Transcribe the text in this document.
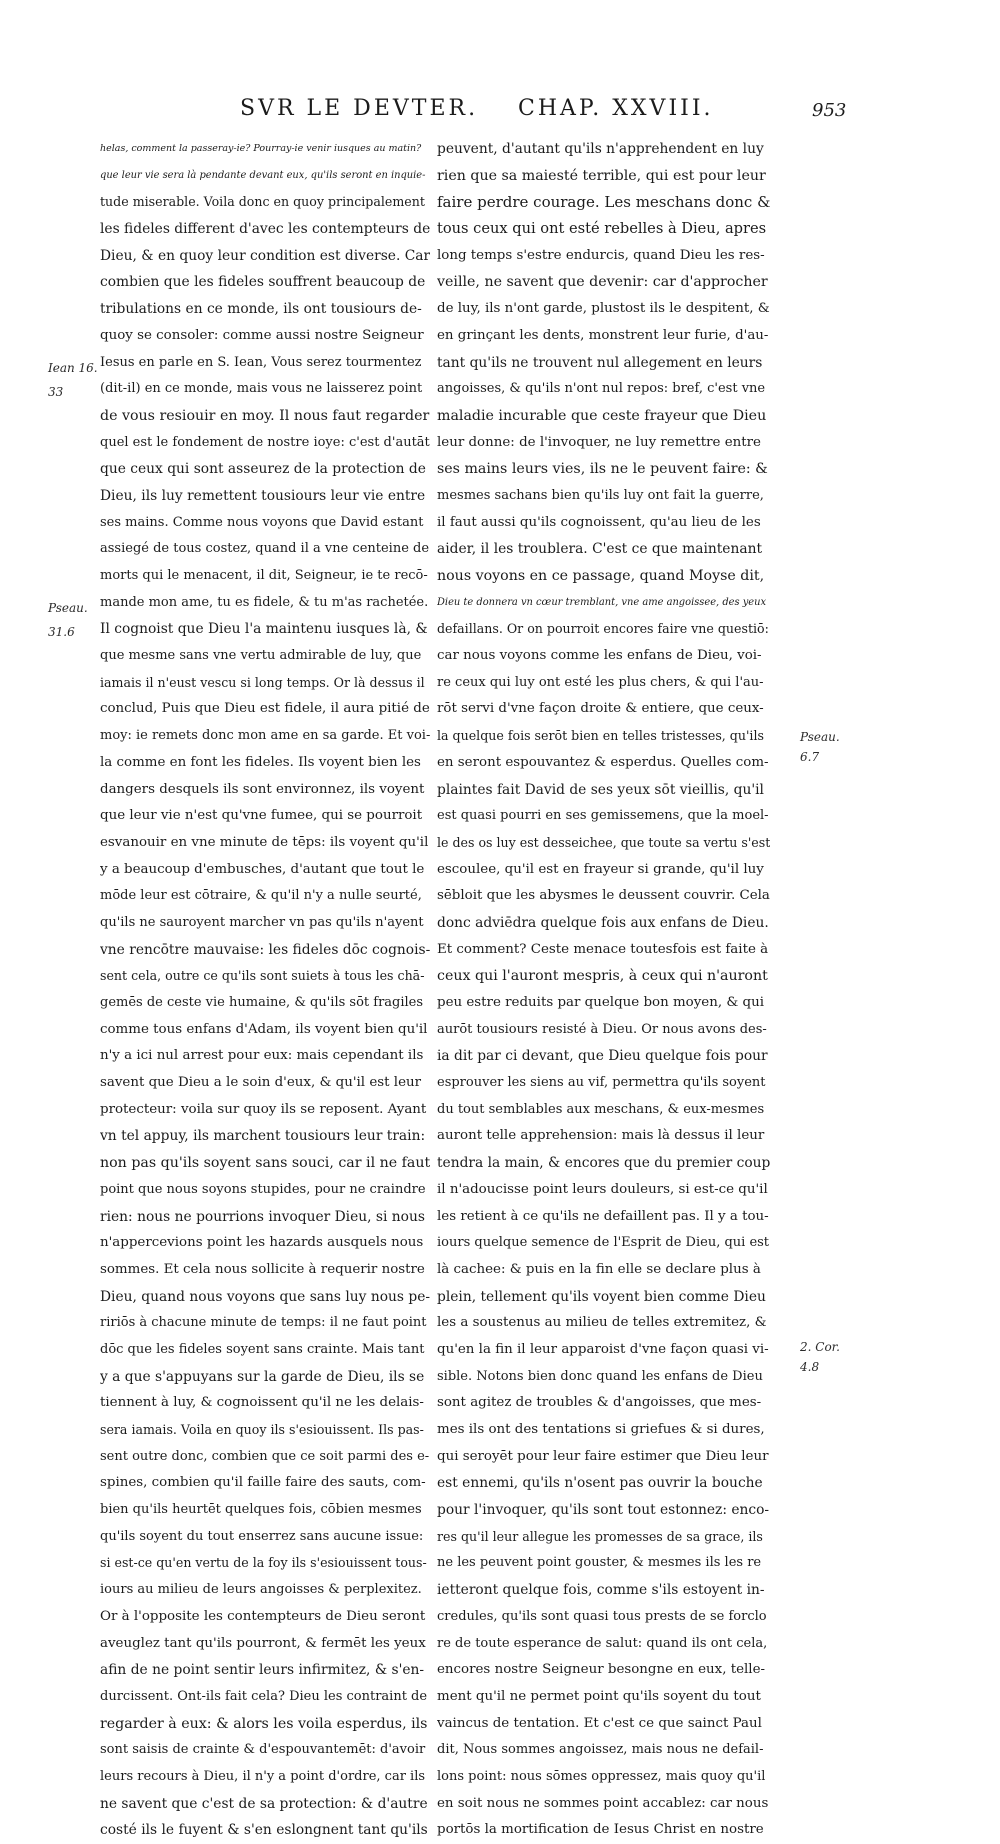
SVR LE DEVTER. CHAP. XXVIII.	953
helas, comment la passeray-ie? Pourray-ie venir iusques au matin?
que leur vie sera là pendante devant eux, qu'ils seront en inquie-
tude miserable. Voila donc en quoy principalement
les fideles different d'avec les contempteurs de
Dieu, & en quoy leur condition est diverse. Car
combien que les fideles souffrent beaucoup de
tribulations en ce monde, ils ont tousiours de-
quoy se consoler: comme aussi nostre Seigneur
Iesus en parle en S. Iean, Vous serez tourmentez
(dit-il) en ce monde, mais vous ne laisserez point
de vous resiouir en moy. Il nous faut regarder
quel est le fondement de nostre ioye: c'est d'autāt
que ceux qui sont asseurez de la protection de
Dieu, ils luy remettent tousiours leur vie entre
ses mains. Comme nous voyons que David estant
assiegé de tous costez, quand il a vne centeine de
morts qui le menacent, il dit, Seigneur, ie te recō-
mande mon ame, tu es fidele, & tu m'as rachetée.
Il cognoist que Dieu l'a maintenu iusques là, &
que mesme sans vne vertu admirable de luy, que
iamais il n'eust vescu si long temps. Or là dessus il
conclud, Puis que Dieu est fidele, il aura pitié de
moy: ie remets donc mon ame en sa garde. Et voi-
la comme en font les fideles. Ils voyent bien les
dangers desquels ils sont environnez, ils voyent
que leur vie n'est qu'vne fumee, qui se pourroit
esvanouir en vne minute de tēps: ils voyent qu'il
y a beaucoup d'embusches, d'autant que tout le
mōde leur est cōtraire, & qu'il n'y a nulle seurté,
qu'ils ne sauroyent marcher vn pas qu'ils n'ayent
vne rencōtre mauvaise: les fideles dōc cognois-
sent cela, outre ce qu'ils sont suiets à tous les chā-
gemēs de ceste vie humaine, & qu'ils sōt fragiles
comme tous enfans d'Adam, ils voyent bien qu'il
n'y a ici nul arrest pour eux: mais cependant ils
savent que Dieu a le soin d'eux, & qu'il est leur
protecteur: voila sur quoy ils se reposent. Ayant
vn tel appuy, ils marchent tousiours leur train:
non pas qu'ils soyent sans souci, car il ne faut
point que nous soyons stupides, pour ne craindre
rien: nous ne pourrions invoquer Dieu, si nous
n'appercevions point les hazards ausquels nous
sommes. Et cela nous sollicite à requerir nostre
Dieu, quand nous voyons que sans luy nous pe-
ririōs à chacune minute de temps: il ne faut point
dōc que les fideles soyent sans crainte. Mais tant
y a que s'appuyans sur la garde de Dieu, ils se
tiennent à luy, & cognoissent qu'il ne les delais-
sera iamais. Voila en quoy ils s'esiouissent. Ils pas-
sent outre donc, combien que ce soit parmi des e-
spines, combien qu'il faille faire des sauts, com-
bien qu'ils heurtēt quelques fois, cōbien mesmes
qu'ils soyent du tout enserrez sans aucune issue:
si est-ce qu'en vertu de la foy ils s'esiouissent tous-
iours au milieu de leurs angoisses & perplexitez.
Or à l'opposite les contempteurs de Dieu seront
aveuglez tant qu'ils pourront, & fermēt les yeux
afin de ne point sentir leurs infirmitez, & s'en-
durcissent. Ont-ils fait cela? Dieu les contraint de
regarder à eux: & alors les voila esperdus, ils
sont saisis de crainte & d'espouvantemēt: d'avoir
leurs recours à Dieu, il n'y a point d'ordre, car ils
ne savent que c'est de sa protection: & d'autre
costé ils le fuyent & s'en eslongnent tant qu'ils
peuvent, d'autant qu'ils n'apprehendent en luy
rien que sa maiesté terrible, qui est pour leur
faire perdre courage. Les meschans donc &
tous ceux qui ont esté rebelles à Dieu, apres
long temps s'estre endurcis, quand Dieu les res-
veille, ne savent que devenir: car d'approcher
de luy, ils n'ont garde, plustost ils le despitent, &
en grinçant les dents, monstrent leur furie, d'au-
tant qu'ils ne trouvent nul allegement en leurs
angoisses, & qu'ils n'ont nul repos: bref, c'est vne
maladie incurable que ceste frayeur que Dieu
leur donne: de l'invoquer, ne luy remettre entre
ses mains leurs vies, ils ne le peuvent faire: &
mesmes sachans bien qu'ils luy ont fait la guerre,
il faut aussi qu'ils cognoissent, qu'au lieu de les
aider, il les troublera. C'est ce que maintenant
nous voyons en ce passage, quand Moyse dit,
Dieu te donnera vn cœur tremblant, vne ame angoissee, des yeux
defaillans. Or on pourroit encores faire vne questiō:
car nous voyons comme les enfans de Dieu, voi-
re ceux qui luy ont esté les plus chers, & qui l'au-
rōt servi d'vne façon droite & entiere, que ceux-
la quelque fois serōt bien en telles tristesses, qu'ils
en seront espouvantez & esperdus. Quelles com-
plaintes fait David de ses yeux sōt vieillis, qu'il
est quasi pourri en ses gemissemens, que la moel-
le des os luy est desseichee, que toute sa vertu s'est
escoulee, qu'il est en frayeur si grande, qu'il luy
sēbloit que les abysmes le deussent couvrir. Cela
donc adviēdra quelque fois aux enfans de Dieu.
Et comment? Ceste menace toutesfois est faite à
ceux qui l'auront mespris, à ceux qui n'auront
peu estre reduits par quelque bon moyen, & qui
aurōt tousiours resisté à Dieu. Or nous avons des-
ia dit par ci devant, que Dieu quelque fois pour
esprouver les siens au vif, permettra qu'ils soyent
du tout semblables aux meschans, & eux-mesmes
auront telle apprehension: mais là dessus il leur
tendra la main, & encores que du premier coup
il n'adoucisse point leurs douleurs, si est-ce qu'il
les retient à ce qu'ils ne defaillent pas. Il y a tou-
iours quelque semence de l'Esprit de Dieu, qui est
là cachee: & puis en la fin elle se declare plus à
plein, tellement qu'ils voyent bien comme Dieu
les a soustenus au milieu de telles extremitez, &
qu'en la fin il leur apparoist d'vne façon quasi vi-
sible. Notons bien donc quand les enfans de Dieu
sont agitez de troubles & d'angoisses, que mes-
mes ils ont des tentations si griefues & si dures,
qui seroyēt pour leur faire estimer que Dieu leur
est ennemi, qu'ils n'osent pas ouvrir la bouche
pour l'invoquer, qu'ils sont tout estonnez: enco-
res qu'il leur allegue les promesses de sa grace, ils
ne les peuvent point gouster, & mesmes ils les re
ietteront quelque fois, comme s'ils estoyent in-
credules, qu'ils sont quasi tous prests de se forclo
re de toute esperance de salut: quand ils ont cela,
encores nostre Seigneur besongne en eux, telle-
ment qu'il ne permet point qu'ils soyent du tout
vaincus de tentation. Et c'est ce que sainct Paul
dit, Nous sommes angoissez, mais nous ne defail-
lons point: nous sōmes oppressez, mais quoy qu'il
en soit nous ne sommes point accablez: car nous
portōs la mortification de Iesus Christ en nostre
Iean 16.
33
Pseau.
31.6
Pseau.
6.7
2. Cor.
4.8
